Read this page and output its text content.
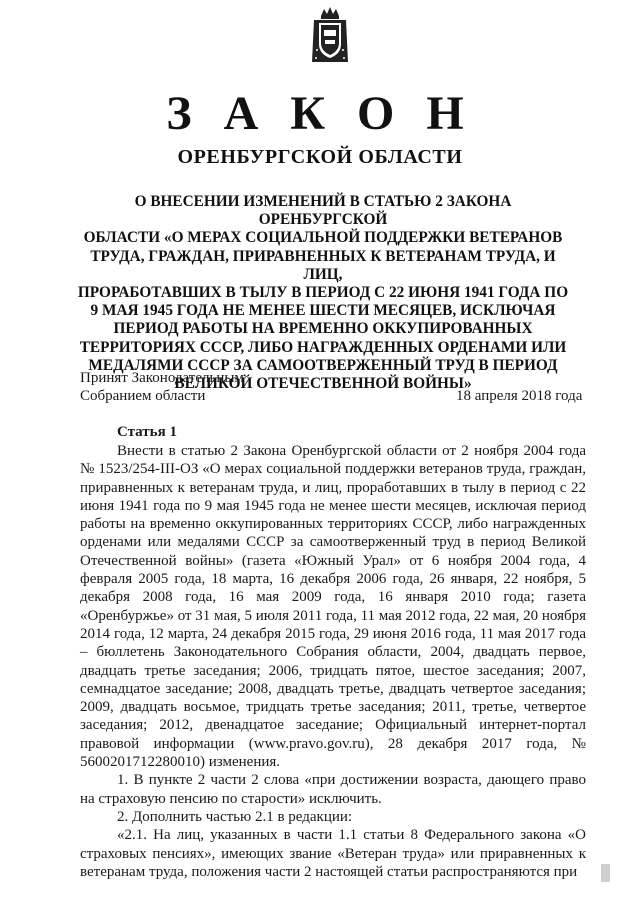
З А К О Н
ОРЕНБУРГСКОЙ ОБЛАСТИ

О ВНЕСЕНИИ ИЗМЕНЕНИЙ В СТАТЬЮ 2 ЗАКОНА ОРЕНБУРГСКОЙ
ОБЛАСТИ «О МЕРАХ СОЦИАЛЬНОЙ ПОДДЕРЖКИ ВЕТЕРАНОВ
ТРУДА, ГРАЖДАН, ПРИРАВНЕННЫХ К ВЕТЕРАНАМ ТРУДА, И ЛИЦ,
ПРОРАБОТАВШИХ В ТЫЛУ В ПЕРИОД С 22 ИЮНЯ 1941 ГОДА ПО
9 МАЯ 1945 ГОДА НЕ МЕНЕЕ ШЕСТИ МЕСЯЦЕВ, ИСКЛЮЧАЯ
ПЕРИОД РАБОТЫ НА ВРЕМЕННО ОККУПИРОВАННЫХ
ТЕРРИТОРИЯХ СССР, ЛИБО НАГРАЖДЕННЫХ ОРДЕНАМИ ИЛИ
МЕДАЛЯМИ СССР ЗА САМООТВЕРЖЕННЫЙ ТРУД В ПЕРИОД
ВЕЛИКОЙ ОТЕЧЕСТВЕННОЙ ВОЙНЫ»

Принят Законодательным
Собранием области	18 апреля 2018 года

Статья 1

Внести в статью 2 Закона Оренбургской области от 2 ноября 2004 года № 1523/254-III-ОЗ «О мерах социальной поддержки ветеранов труда, граждан, приравненных к ветеранам труда, и лиц, проработавших в тылу в период с 22 июня 1941 года по 9 мая 1945 года не менее шести месяцев, исключая период работы на временно оккупированных территориях СССР, либо награжденных орденами или медалями СССР за самоотверженный труд в период Великой Отечественной войны» (газета «Южный Урал» от 6 ноября 2004 года, 4 февраля 2005 года, 18 марта, 16 декабря 2006 года, 26 января, 22 ноября, 5 декабря 2008 года, 16 мая 2009 года, 16 января 2010 года; газета «Оренбуржье» от 31 мая, 5 июля 2011 года, 11 мая 2012 года, 22 мая, 20 ноября 2014 года, 12 марта, 24 декабря 2015 года, 29 июня 2016 года, 11 мая 2017 года – бюллетень Законодательного Собрания области, 2004, двадцать первое, двадцать третье заседания; 2006, тридцать пятое, шестое заседания; 2007, семнадцатое заседание; 2008, двадцать третье, двадцать четвертое заседания; 2009, двадцать восьмое, тридцать третье заседания; 2011, третье, четвертое заседания; 2012, двенадцатое заседание; Официальный интернет-портал правовой информации (www.pravo.gov.ru), 28 декабря 2017 года, № 5600201712280010) изменения.

1. В пункте 2 части 2 слова «при достижении возраста, дающего право на страховую пенсию по старости» исключить.

2. Дополнить частью 2.1 в редакции:

«2.1. На лиц, указанных в части 1.1 статьи 8 Федерального закона «О страховых пенсиях», имеющих звание «Ветеран труда» или приравненных к ветеранам труда, положения части 2 настоящей статьи распространяются при
